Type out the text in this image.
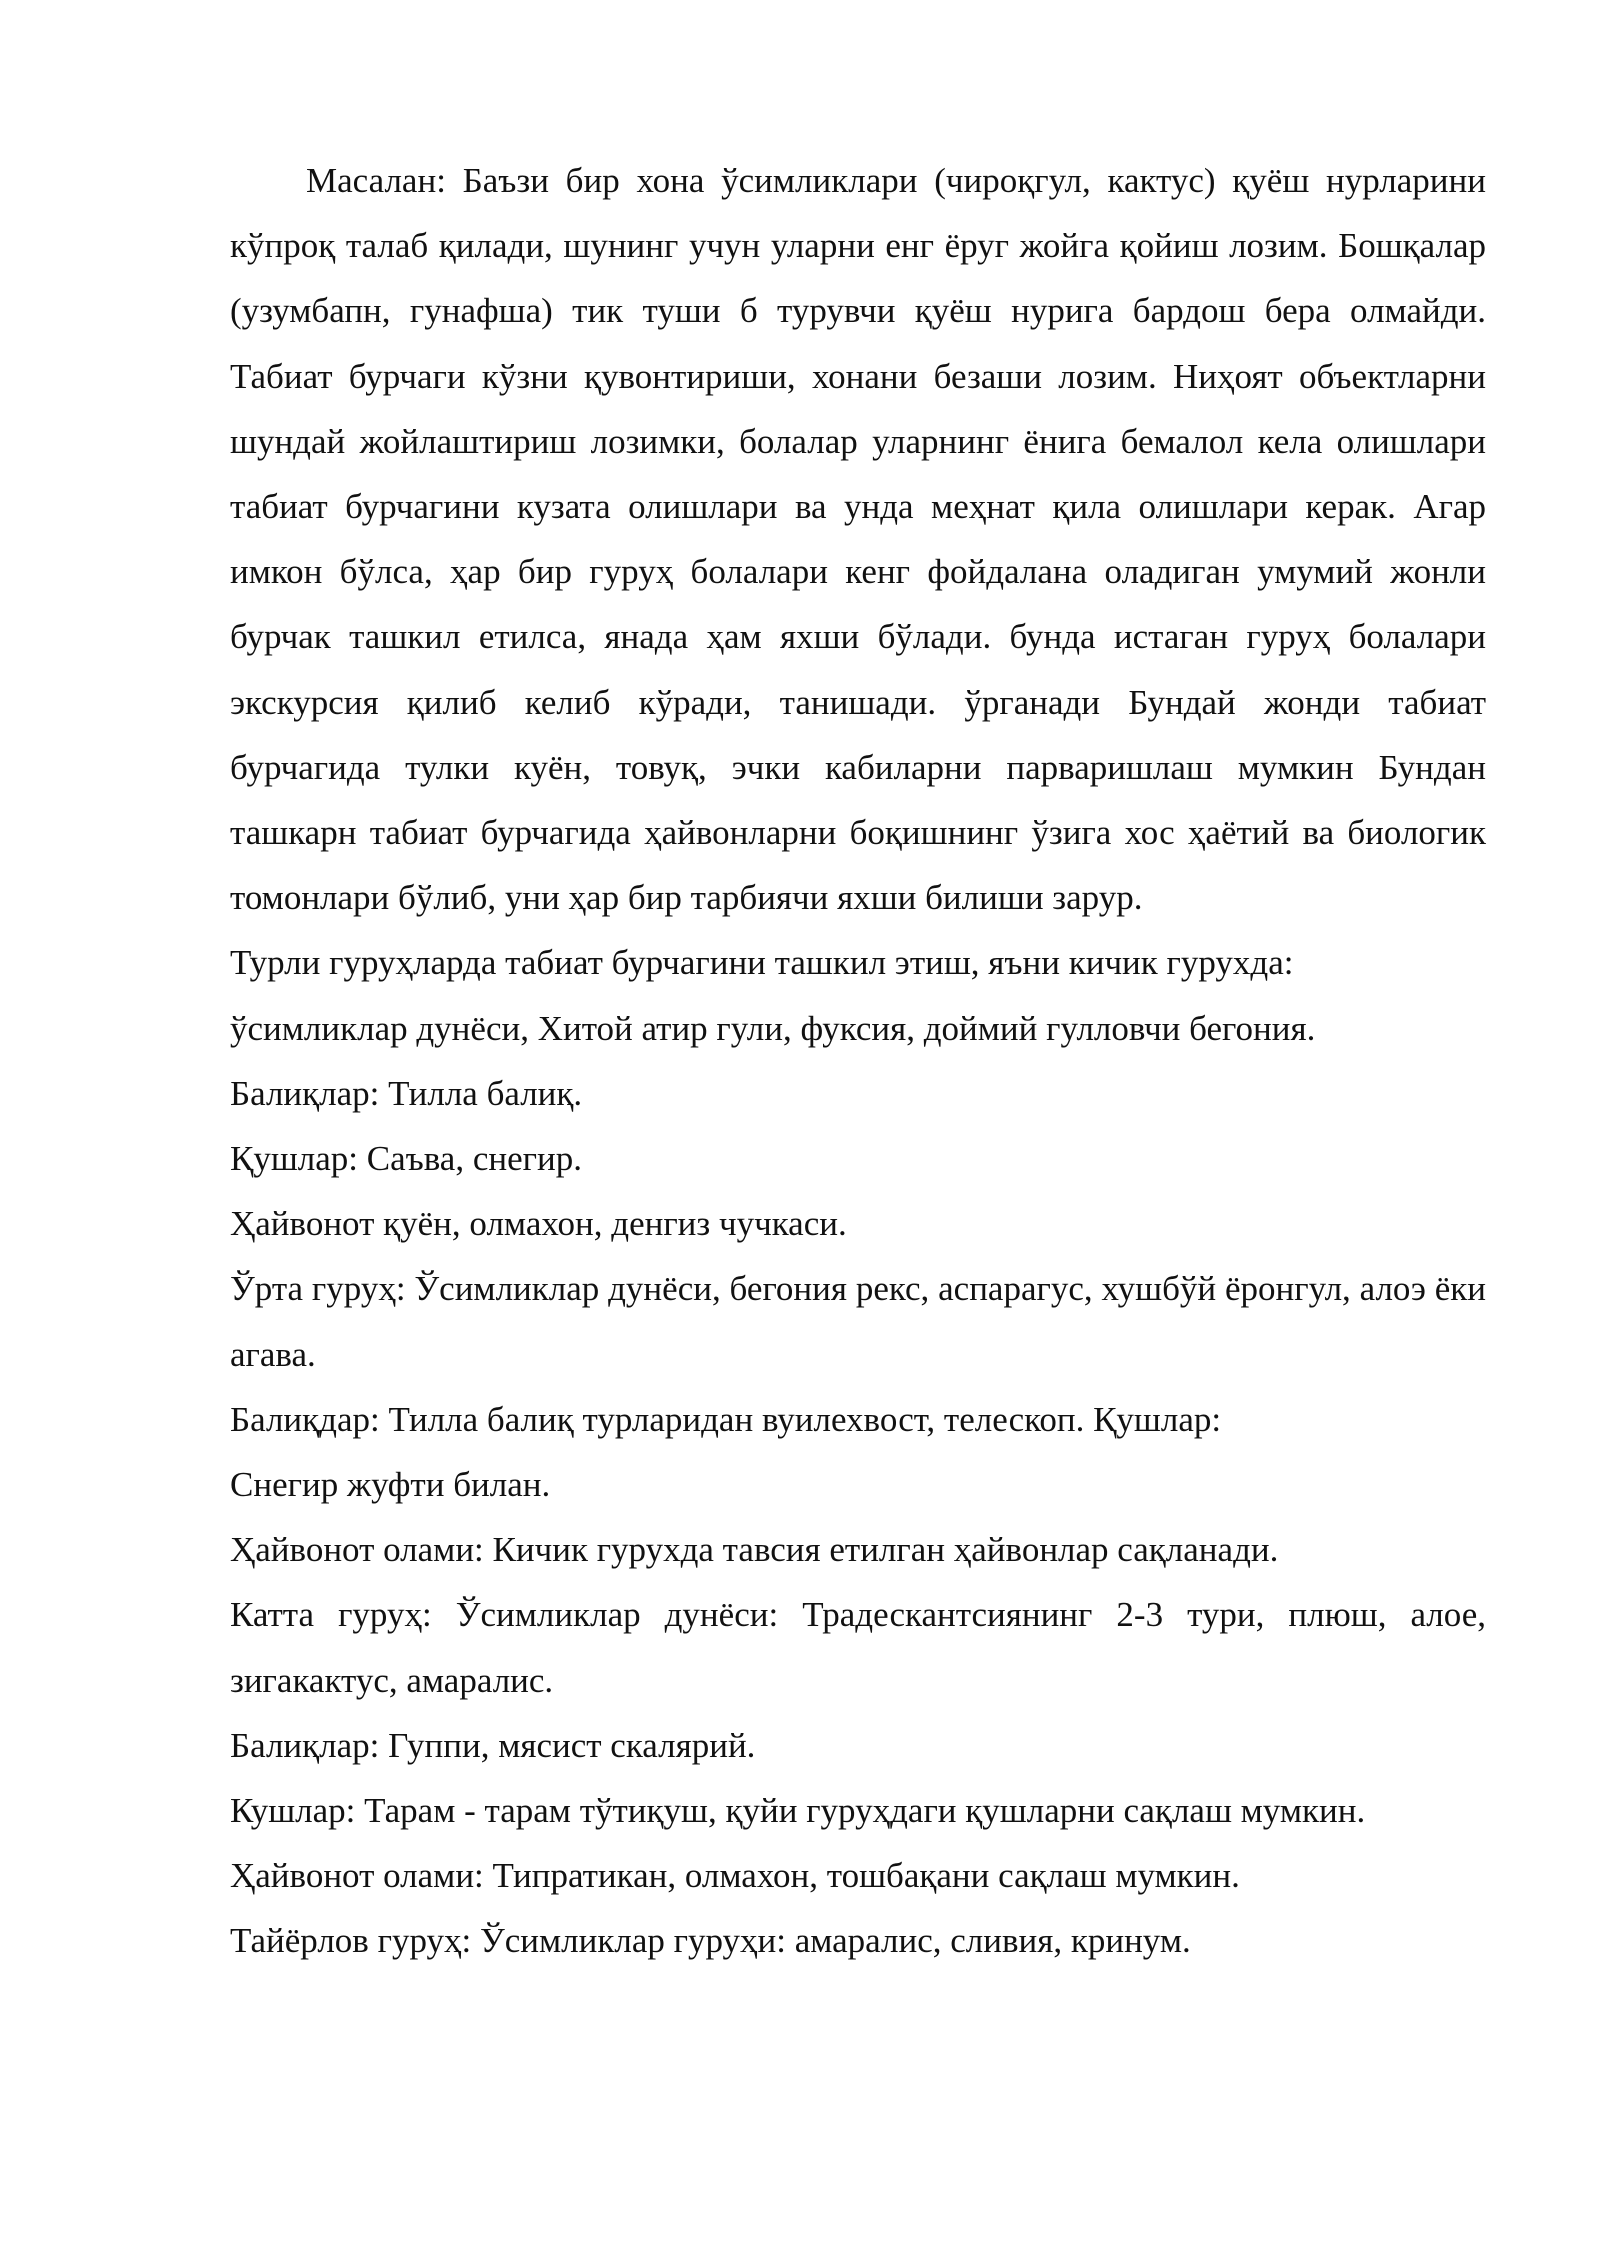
Масалан: Баъзи бир хона ўсимликлари (чироқгул, кактус) қуёш нурларини кўпроқ талаб қилади, шунинг учун уларни енг ёруг жойга қойиш лозим. Бошқалар (узумбапн, гунафша) тик туши б турувчи қуёш нурига бардош бера олмайди. Табиат бурчаги кўзни қувонтириши, хонани безаши лозим. Ниҳоят объектларни шундай жойлаштириш лозимки, болалар уларнинг ёнига бемалол кела олишлари табиат бурчагини кузата олишлари ва унда меҳнат қила олишлари керак. Агар имкон бўлса, ҳар бир гуруҳ болалари кенг фойдалана оладиган умумий жонли бурчак ташкил етилса, янада ҳам яхши бўлади. бунда истаган гуруҳ болалари экскурсия қилиб келиб кўради, танишади. ўрганади Бундай жонди табиат бурчагида тулки куён, товуқ, эчки кабиларни парваришлаш мумкин Бундан ташкарн табиат бурчагида ҳайвонларни боқишнинг ўзига хос ҳаётий ва биологик томонлари бўлиб, уни ҳар бир тарбиячи яхши билиши зарур.

Турли гуруҳларда табиат бурчагини ташкил этиш, яъни кичик гурухда:

ўсимликлар дунёси, Хитой атир гули, фуксия, доймий гулловчи бегония.

Балиқлар: Тилла балиқ.

Қушлар: Саъва, снегир.

Ҳайвонот қуён, олмахон, денгиз чучкаси.

Ўрта гуруҳ: Ўсимликлар дунёси, бегония рекс, аспарагус, хушбўй ёронгул, алоэ ёки агава.

Балиқдар: Тилла балиқ турларидан вуилехвост, телескоп. Қушлар:

Снегир жуфти билан.

Ҳайвонот олами: Кичик гурухда тавсия етилган ҳайвонлар сақланади.

Катта гуруҳ: Ўсимликлар дунёси: Традескантсиянинг 2-3 тури, плюш, алое, зигакактус, амаралис.

Балиқлар: Гуппи, мясист скалярий.

Кушлар: Тарам - тарам тўтиқуш, қуйи гуруҳдаги қушларни сақлаш мумкин.

Ҳайвонот олами: Типратикан, олмахон, тошбақани сақлаш мумкин.

Тайёрлов гуруҳ: Ўсимликлар гуруҳи: амаралис, сливия, кринум.
